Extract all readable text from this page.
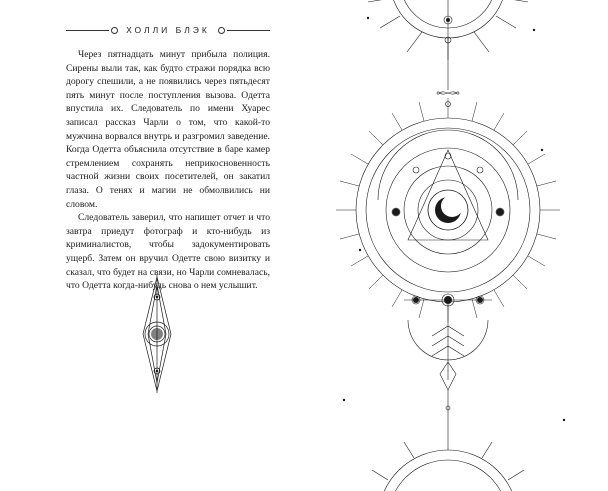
ХОЛЛИ БЛЭК

Через пятнадцать минут прибыла полиция. Сирены выли так, как будто стражи порядка всю дорогу спешили, а не появились через пятьдесят пять минут после поступления вызова. Одетта впустила их. Следователь по имени Хуарес записал рассказ Чарли о том, что какой-то мужчина ворвался внутрь и разгромил заведение. Когда Одетта объяснила отсутствие в баре камер стремлением сохранять неприкосновенность частной жизни своих посетителей, он закатил глаза. О тенях и магии не обмолвились ни словом.

Следователь заверил, что напишет отчет и что завтра приедут фотограф и кто-нибудь из криминалистов, чтобы задокументировать ущерб. Затем он вручил Одетте свою визитку и сказал, что будет на связи, но Чарли сомневалась, что Одетта когда-нибудь снова о нем услышит.
